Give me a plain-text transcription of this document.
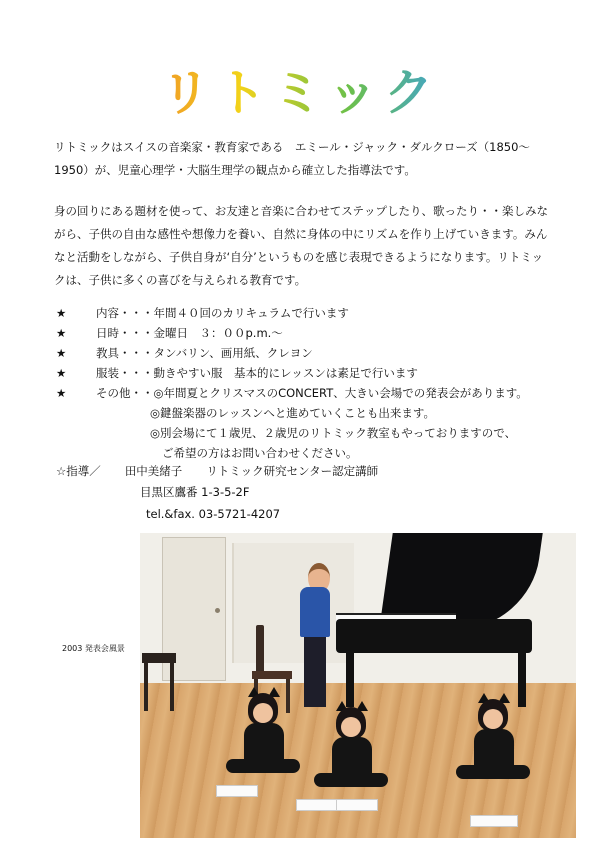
リトミック

リトミックはスイスの音楽家・教育家である　エミール・ジャック・ダルクローズ（1850〜1950）が、児童心理学・大脳生理学の観点から確立した指導法です。

身の回りにある題材を使って、お友達と音楽に合わせてステップしたり、歌ったり・・楽しみながら、子供の自由な感性や想像力を養い、自然に身体の中にリズムを作り上げていきます。みんなと活動をしながら、子供自身が‘自分’というものを感じ表現できるようになります。リトミックは、子供に多くの喜びを与えられる教育です。

★	内容・・・年間４０回のカリキュラムで行います
★	日時・・・金曜日　３：００p.m.〜
★	教具・・・タンバリン、画用紙、クレヨン
★	服装・・・動きやすい服　基本的にレッスンは素足で行います
★	その他・・◎年間夏とクリスマスのCONCERT、大きい会場での発表会があります。
◎鍵盤楽器のレッスンへと進めていくことも出来ます。
◎別会場にて１歳児、２歳児のリトミック教室もやっておりますので、
ご希望の方はお問い合わせください。
☆指導／ 田中美緒子 リトミック研究センター認定講師
目黒区鷹番 1-3-5-2F
tel.&fax. 03-5721-4207
2003 発表会風景
